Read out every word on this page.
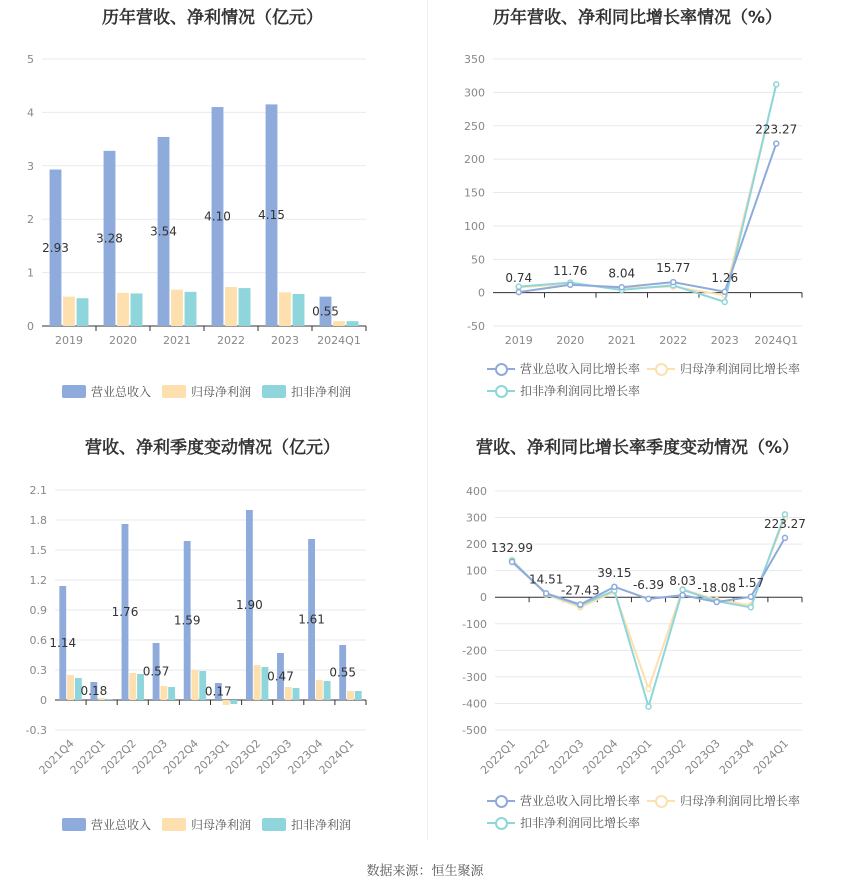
历年营收、净利情况（亿元）
0
1
2
3
4
5
2019 2020 2021 2022 2023 2024Q1
2.93
3.28 3.54
4.10 4.15
0.55
营业总收入	归母净利润	扣非净利润
历年营收、净利同比增长率情况（%）
-50
0
50
100
150
200
250
300
350
2019 2020 2021 2022 2023 2024Q1
0.74
11.76 8.04 15.77
1.26
223.27
营业总收入同比增长率	归母净利润同比增长率
扣非净利润同比增长率
营收、净利季度变动情况（亿元）
-0.3
0
0.3
0.6
0.9
1.2
1.5
1.8
2.1
2021Q4
2022Q1
2022Q2
2022Q3
2022Q4
2023Q1
2023Q2
2023Q3
2023Q4
2024Q1
1.14
0.18
1.76
0.57
1.59
0.17
1.90
0.47
1.61
0.55
营业总收入	归母净利润	扣非净利润
营收、净利同比增长率季度变动情况（%）
-500
-400
-300
-200
-100
0
100
200
300
400
2022Q1
2022Q2
2022Q3
2022Q4
2023Q1
2023Q2
2023Q3
2023Q4
2024Q1
132.99
14.51
-27.43
39.15
-6.39 8.03 -18.08 1.57
223.27
营业总收入同比增长率	归母净利润同比增长率
扣非净利润同比增长率
数据来源：恒生聚源
